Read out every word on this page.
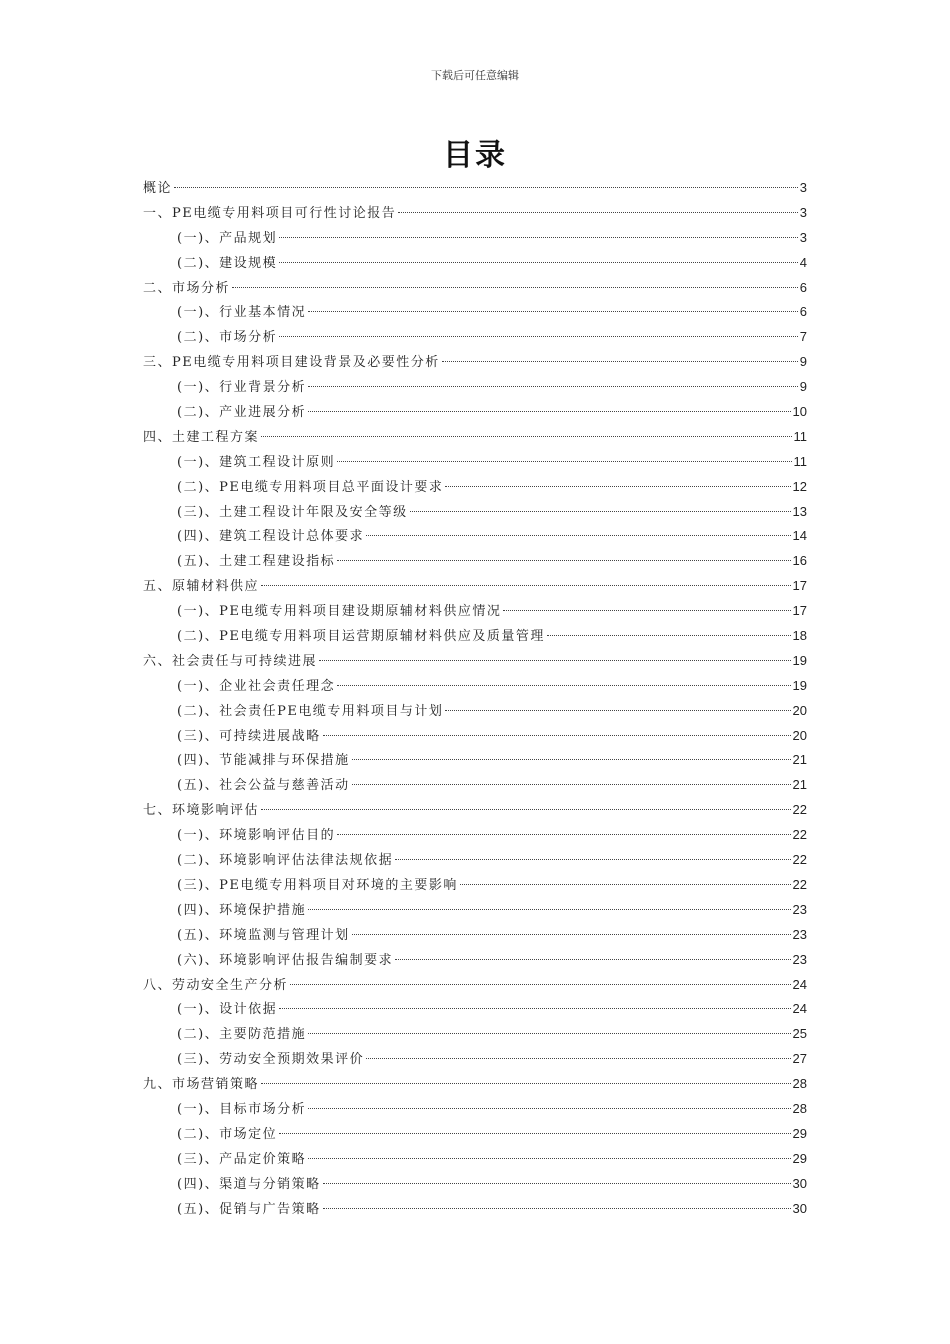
下载后可任意编辑
目录
概论	3
一、PE电缆专用料项目可行性讨论报告	3
(一)、产品规划	3
(二)、建设规模	4
二、市场分析	6
(一)、行业基本情况	6
(二)、市场分析	7
三、PE电缆专用料项目建设背景及必要性分析	9
(一)、行业背景分析	9
(二)、产业进展分析	10
四、土建工程方案	11
(一)、建筑工程设计原则	11
(二)、PE电缆专用料项目总平面设计要求	12
(三)、土建工程设计年限及安全等级	13
(四)、建筑工程设计总体要求	14
(五)、土建工程建设指标	16
五、原辅材料供应	17
(一)、PE电缆专用料项目建设期原辅材料供应情况	17
(二)、PE电缆专用料项目运营期原辅材料供应及质量管理	18
六、社会责任与可持续进展	19
(一)、企业社会责任理念	19
(二)、社会责任PE电缆专用料项目与计划	20
(三)、可持续进展战略	20
(四)、节能减排与环保措施	21
(五)、社会公益与慈善活动	21
七、环境影响评估	22
(一)、环境影响评估目的	22
(二)、环境影响评估法律法规依据	22
(三)、PE电缆专用料项目对环境的主要影响	22
(四)、环境保护措施	23
(五)、环境监测与管理计划	23
(六)、环境影响评估报告编制要求	23
八、劳动安全生产分析	24
(一)、设计依据	24
(二)、主要防范措施	25
(三)、劳动安全预期效果评价	27
九、市场营销策略	28
(一)、目标市场分析	28
(二)、市场定位	29
(三)、产品定价策略	29
(四)、渠道与分销策略	30
(五)、促销与广告策略	30
